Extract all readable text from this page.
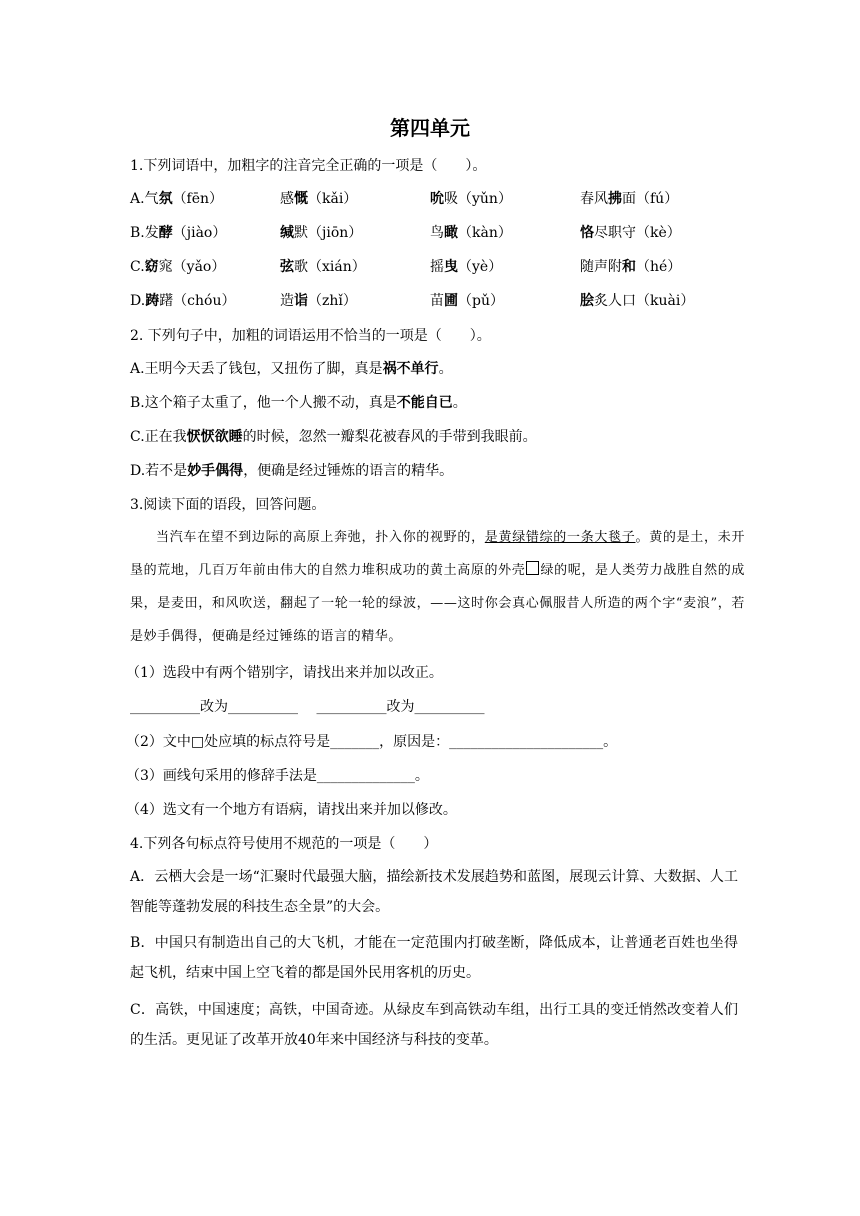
第四单元
1.下列词语中，加粗字的注音完全正确的一项是（　　）。
A.气氛（fēn）	感慨（kǎi）	吮吸（yǔn）	春风拂面（fú）
B.发酵（jiào）	缄默（jiōn）	鸟瞰（kàn）	恪尽职守（kè）
C.窈窕（yǎo）	弦歌（xián）	摇曳（yè）	随声附和（hé）
D.踌躇（chóu）	造诣（zhǐ）	苗圃（pǔ）	脍炙人口（kuài）
2. 下列句子中，加粗的词语运用不恰当的一项是（　　）。
A.王明今天丢了钱包，又扭伤了脚，真是祸不单行。
B.这个箱子太重了，他一个人搬不动，真是不能自已。
C.正在我恹恹欲睡的时候，忽然一瓣梨花被春风的手带到我眼前。
D.若不是妙手偶得，便确是经过锤炼的语言的精华。
3.阅读下面的语段，回答问题。
当汽车在望不到边际的高原上奔弛，扑入你的视野的，是黄绿错综的一条大毯子。黄的是土，未开垦的荒地，几百万年前由伟大的自然力堆积成功的黄土高原的外壳 绿的呢，是人类劳力战胜自然的成果，是麦田，和风吹送，翻起了一轮一轮的绿波，——这时你会真心佩服昔人所造的两个字“麦浪”，若是妙手偶得，便确是经过锤练的语言的精华。
（1）选段中有两个错别字，请找出来并加以改正。
__________改为__________　 __________改为__________
（2）文中□处应填的标点符号是_______，原因是：______________________。
（3）画线句采用的修辞手法是______________。
（4）选文有一个地方有语病，请找出来并加以修改。
4.下列各句标点符号使用不规范的一项是（　　）
A．云栖大会是一场“汇聚时代最强大脑，描绘新技术发展趋势和蓝图，展现云计算、大数据、人工智能等蓬勃发展的科技生态全景”的大会。
B．中国只有制造出自己的大飞机，才能在一定范围内打破垄断，降低成本，让普通老百姓也坐得起飞机，结束中国上空飞着的都是国外民用客机的历史。
C．高铁，中国速度；高铁，中国奇迹。从绿皮车到高铁动车组，出行工具的变迁悄然改变着人们的生活。更见证了改革开放40年来中国经济与科技的变革。
